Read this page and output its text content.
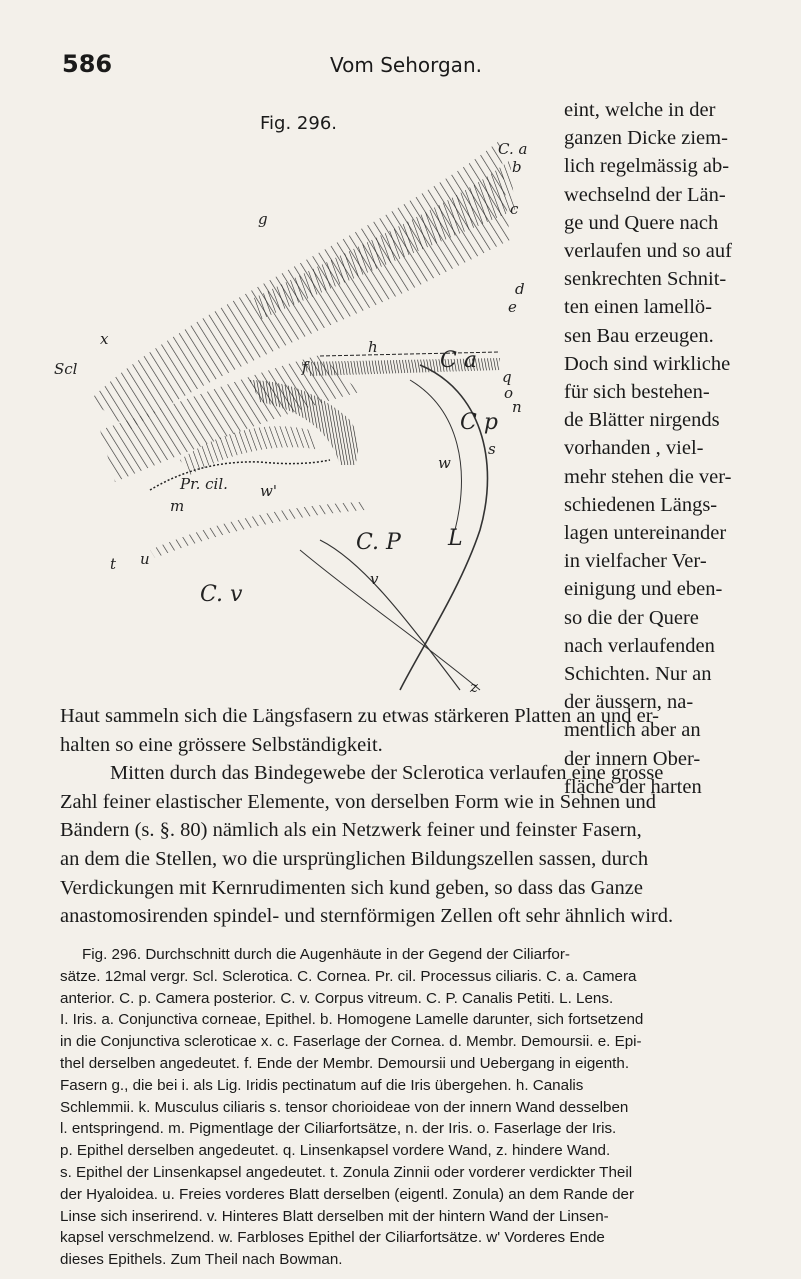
586	Vom Sehorgan.
Fig. 296.
C. a
b
c
g
d
e
Scl
x
f	C a
h
q
o
n
C p
s
w
Pr. cil.
m
w'
C. P L
t u
v
C. v
z
eint, welche in der
ganzen Dicke ziem-
lich regelmässig ab-
wechselnd der Län-
ge und Quere nach
verlaufen und so auf
senkrechten Schnit-
ten einen lamellö-
sen Bau erzeugen.
Doch sind wirkliche
für sich bestehen-
de Blätter nirgends
vorhanden , viel-
mehr stehen die ver-
schiedenen Längs-
lagen untereinander
in vielfacher Ver-
einigung und eben-
so die der Quere
nach verlaufenden
Schichten. Nur an
der äussern, na-
mentlich aber an
der innern Ober-
fläche der harten
Haut sammeln sich die Längsfasern zu etwas stärkeren Platten an und er-
halten so eine grössere Selbständigkeit.
Mitten durch das Bindegewebe der Sclerotica verlaufen eine grosse
Zahl feiner elastischer Elemente, von derselben Form wie in Sehnen und
Bändern (s. §. 80) nämlich als ein Netzwerk feiner und feinster Fasern,
an dem die Stellen, wo die ursprünglichen Bildungszellen sassen, durch
Verdickungen mit Kernrudimenten sich kund geben, so dass das Ganze
anastomosirenden spindel- und sternförmigen Zellen oft sehr ähnlich wird.
Fig. 296. Durchschnitt durch die Augenhäute in der Gegend der Ciliarfor-
sätze. 12mal vergr. Scl. Sclerotica. C. Cornea. Pr. cil. Processus ciliaris. C. a. Camera
anterior. C. p. Camera posterior. C. v. Corpus vitreum. C. P. Canalis Petiti. L. Lens.
I. Iris. a. Conjunctiva corneae, Epithel. b. Homogene Lamelle darunter, sich fortsetzend
in die Conjunctiva scleroticae x. c. Faserlage der Cornea. d. Membr. Demoursii. e. Epi-
thel derselben angedeutet. f. Ende der Membr. Demoursii und Uebergang in eigenth.
Fasern g., die bei i. als Lig. Iridis pectinatum auf die Iris übergehen. h. Canalis
Schlemmii. k. Musculus ciliaris s. tensor chorioideae von der innern Wand desselben
l. entspringend. m. Pigmentlage der Ciliarfortsätze, n. der Iris. o. Faserlage der Iris.
p. Epithel derselben angedeutet. q. Linsenkapsel vordere Wand, z. hindere Wand.
s. Epithel der Linsenkapsel angedeutet. t. Zonula Zinnii oder vorderer verdickter Theil
der Hyaloidea. u. Freies vorderes Blatt derselben (eigentl. Zonula) an dem Rande der
Linse sich inserirend. v. Hinteres Blatt derselben mit der hintern Wand der Linsen-
kapsel verschmelzend. w. Farbloses Epithel der Ciliarfortsätze. w' Vorderes Ende
dieses Epithels. Zum Theil nach Bowman.
